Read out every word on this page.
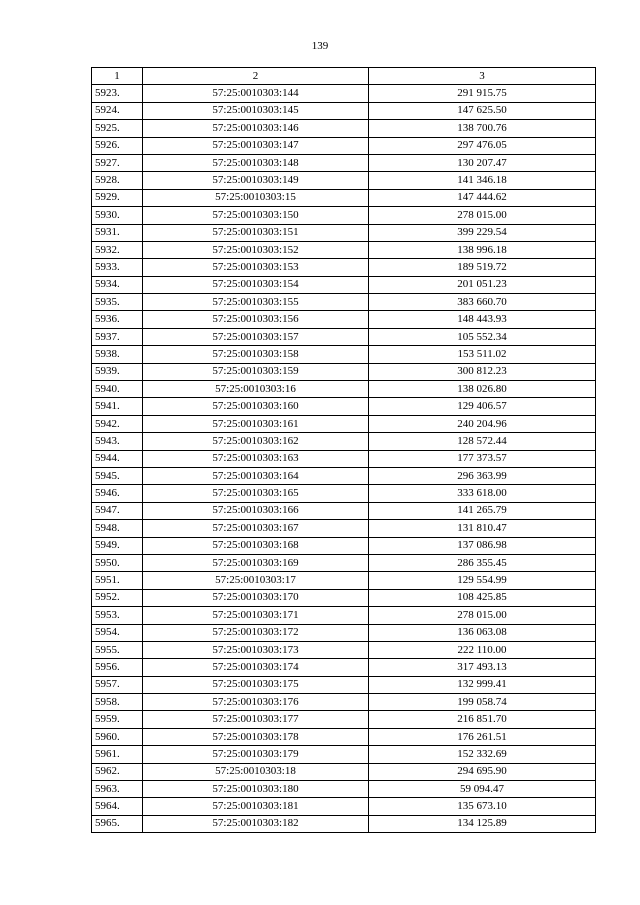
139
1	2	3
5923.	57:25:0010303:144	291 915.75
5924.	57:25:0010303:145	147 625.50
5925.	57:25:0010303:146	138 700.76
5926.	57:25:0010303:147	297 476.05
5927.	57:25:0010303:148	130 207.47
5928.	57:25:0010303:149	141 346.18
5929.	57:25:0010303:15	147 444.62
5930.	57:25:0010303:150	278 015.00
5931.	57:25:0010303:151	399 229.54
5932.	57:25:0010303:152	138 996.18
5933.	57:25:0010303:153	189 519.72
5934.	57:25:0010303:154	201 051.23
5935.	57:25:0010303:155	383 660.70
5936.	57:25:0010303:156	148 443.93
5937.	57:25:0010303:157	105 552.34
5938.	57:25:0010303:158	153 511.02
5939.	57:25:0010303:159	300 812.23
5940.	57:25:0010303:16	138 026.80
5941.	57:25:0010303:160	129 406.57
5942.	57:25:0010303:161	240 204.96
5943.	57:25:0010303:162	128 572.44
5944.	57:25:0010303:163	177 373.57
5945.	57:25:0010303:164	296 363.99
5946.	57:25:0010303:165	333 618.00
5947.	57:25:0010303:166	141 265.79
5948.	57:25:0010303:167	131 810.47
5949.	57:25:0010303:168	137 086.98
5950.	57:25:0010303:169	286 355.45
5951.	57:25:0010303:17	129 554.99
5952.	57:25:0010303:170	108 425.85
5953.	57:25:0010303:171	278 015.00
5954.	57:25:0010303:172	136 063.08
5955.	57:25:0010303:173	222 110.00
5956.	57:25:0010303:174	317 493.13
5957.	57:25:0010303:175	132 999.41
5958.	57:25:0010303:176	199 058.74
5959.	57:25:0010303:177	216 851.70
5960.	57:25:0010303:178	176 261.51
5961.	57:25:0010303:179	152 332.69
5962.	57:25:0010303:18	294 695.90
5963.	57:25:0010303:180	59 094.47
5964.	57:25:0010303:181	135 673.10
5965.	57:25:0010303:182	134 125.89
